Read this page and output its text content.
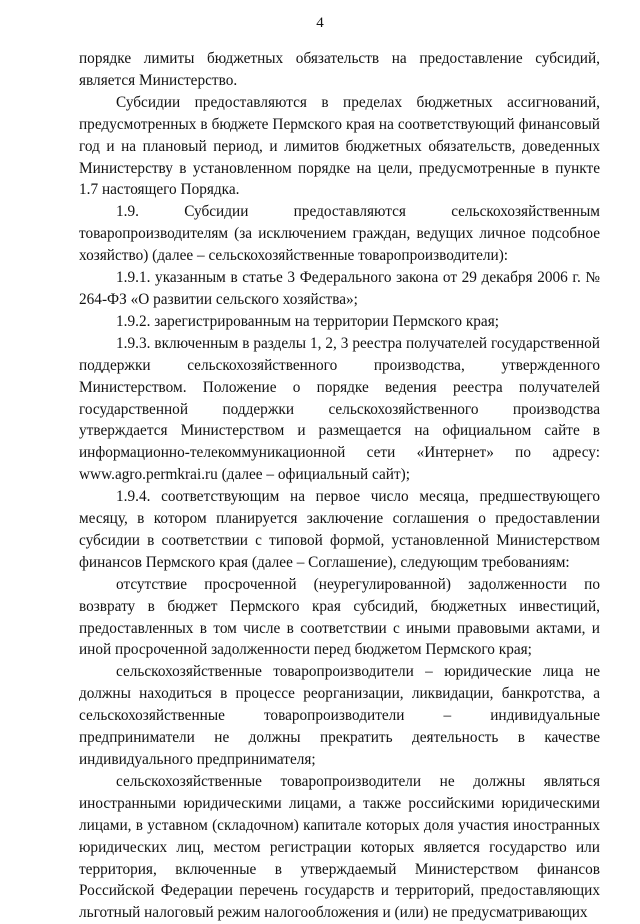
4

порядке лимиты бюджетных обязательств на предоставление субсидий, является Министерство.

Субсидии предоставляются в пределах бюджетных ассигнований, предусмотренных в бюджете Пермского края на соответствующий финансовый год и на плановый период, и лимитов бюджетных обязательств, доведенных Министерству в установленном порядке на цели, предусмотренные в пункте 1.7 настоящего Порядка.

1.9. Субсидии предоставляются сельскохозяйственным товаропроизводителям (за исключением граждан, ведущих личное подсобное хозяйство) (далее – сельскохозяйственные товаропроизводители):

1.9.1. указанным в статье 3 Федерального закона от 29 декабря 2006 г. № 264-ФЗ «О развитии сельского хозяйства»;

1.9.2. зарегистрированным на территории Пермского края;

1.9.3. включенным в разделы 1, 2, 3 реестра получателей государственной поддержки сельскохозяйственного производства, утвержденного Министерством. Положение о порядке ведения реестра получателей государственной поддержки сельскохозяйственного производства утверждается Министерством и размещается на официальном сайте в информационно-телекоммуникационной сети «Интернет» по адресу: www.agro.permkrai.ru (далее – официальный сайт);

1.9.4. соответствующим на первое число месяца, предшествующего месяцу, в котором планируется заключение соглашения о предоставлении субсидии в соответствии с типовой формой, установленной Министерством финансов Пермского края (далее – Соглашение), следующим требованиям:

отсутствие просроченной (неурегулированной) задолженности по возврату в бюджет Пермского края субсидий, бюджетных инвестиций, предоставленных в том числе в соответствии с иными правовыми актами, и иной просроченной задолженности перед бюджетом Пермского края;

сельскохозяйственные товаропроизводители – юридические лица не должны находиться в процессе реорганизации, ликвидации, банкротства, а сельскохозяйственные товаропроизводители – индивидуальные предприниматели не должны прекратить деятельность в качестве индивидуального предпринимателя;

сельскохозяйственные товаропроизводители не должны являться иностранными юридическими лицами, а также российскими юридическими лицами, в уставном (складочном) капитале которых доля участия иностранных юридических лиц, местом регистрации которых является государство или территория, включенные в утверждаемый Министерством финансов Российской Федерации перечень государств и территорий, предоставляющих льготный налоговый режим налогообложения и (или) не предусматривающих
